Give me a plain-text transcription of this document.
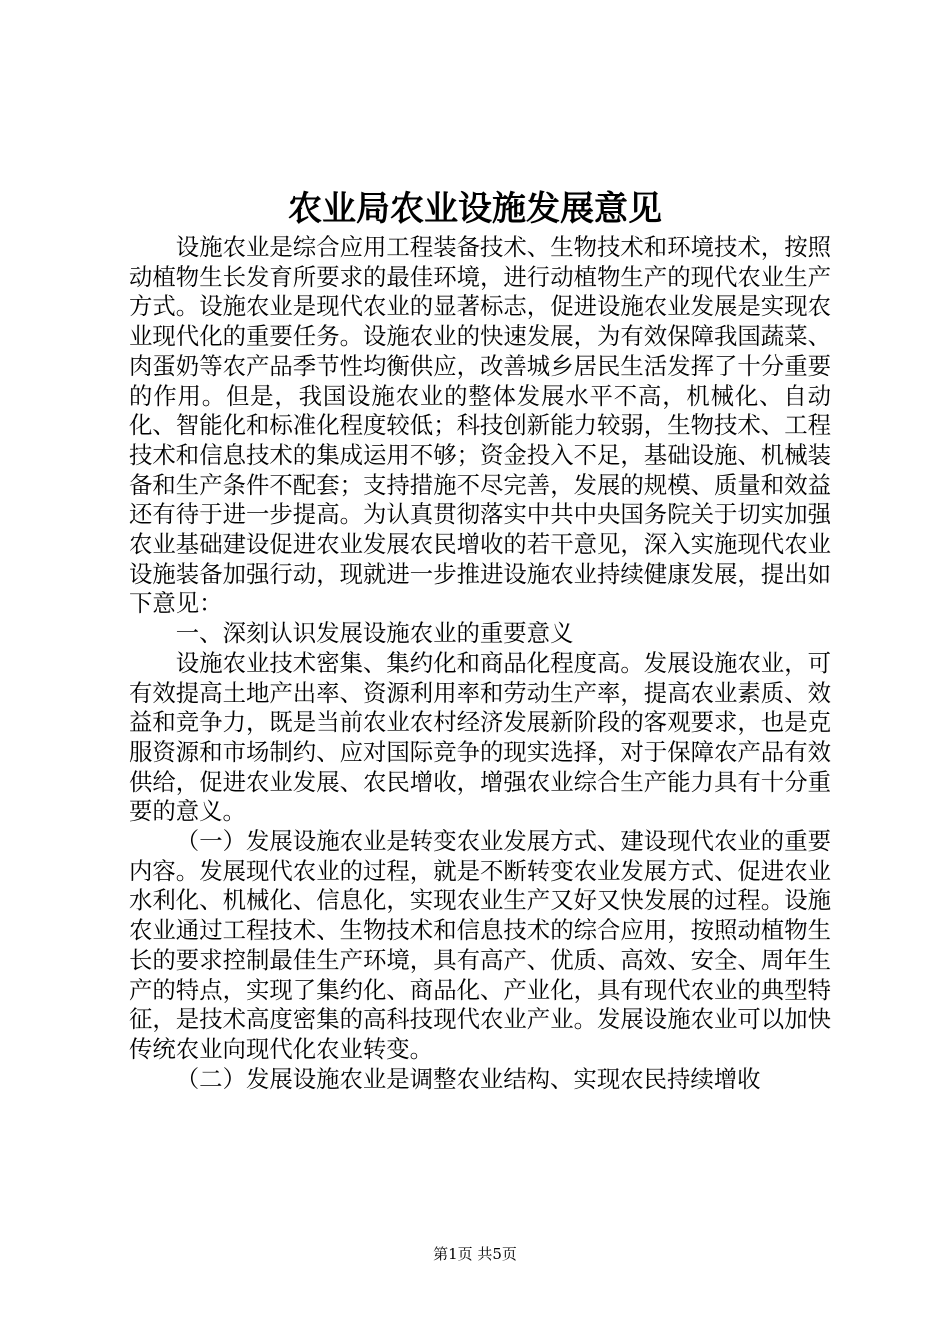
农业局农业设施发展意见

设施农业是综合应用工程装备技术、生物技术和环境技术，按照动植物生长发育所要求的最佳环境，进行动植物生产的现代农业生产方式。设施农业是现代农业的显著标志，促进设施农业发展是实现农业现代化的重要任务。设施农业的快速发展，为有效保障我国蔬菜、肉蛋奶等农产品季节性均衡供应，改善城乡居民生活发挥了十分重要的作用。但是，我国设施农业的整体发展水平不高，机械化、自动化、智能化和标准化程度较低；科技创新能力较弱，生物技术、工程技术和信息技术的集成运用不够；资金投入不足，基础设施、机械装备和生产条件不配套；支持措施不尽完善，发展的规模、质量和效益还有待于进一步提高。为认真贯彻落实中共中央国务院关于切实加强农业基础建设促进农业发展农民增收的若干意见，深入实施现代农业设施装备加强行动，现就进一步推进设施农业持续健康发展，提出如下意见：

一、深刻认识发展设施农业的重要意义

设施农业技术密集、集约化和商品化程度高。发展设施农业，可有效提高土地产出率、资源利用率和劳动生产率，提高农业素质、效益和竞争力，既是当前农业农村经济发展新阶段的客观要求，也是克服资源和市场制约、应对国际竞争的现实选择，对于保障农产品有效供给，促进农业发展、农民增收，增强农业综合生产能力具有十分重要的意义。

（一）发展设施农业是转变农业发展方式、建设现代农业的重要内容。发展现代农业的过程，就是不断转变农业发展方式、促进农业水利化、机械化、信息化，实现农业生产又好又快发展的过程。设施农业通过工程技术、生物技术和信息技术的综合应用，按照动植物生长的要求控制最佳生产环境，具有高产、优质、高效、安全、周年生产的特点，实现了集约化、商品化、产业化，具有现代农业的典型特征，是技术高度密集的高科技现代农业产业。发展设施农业可以加快传统农业向现代化农业转变。

（二）发展设施农业是调整农业结构、实现农民持续增收

第1页 共5页
